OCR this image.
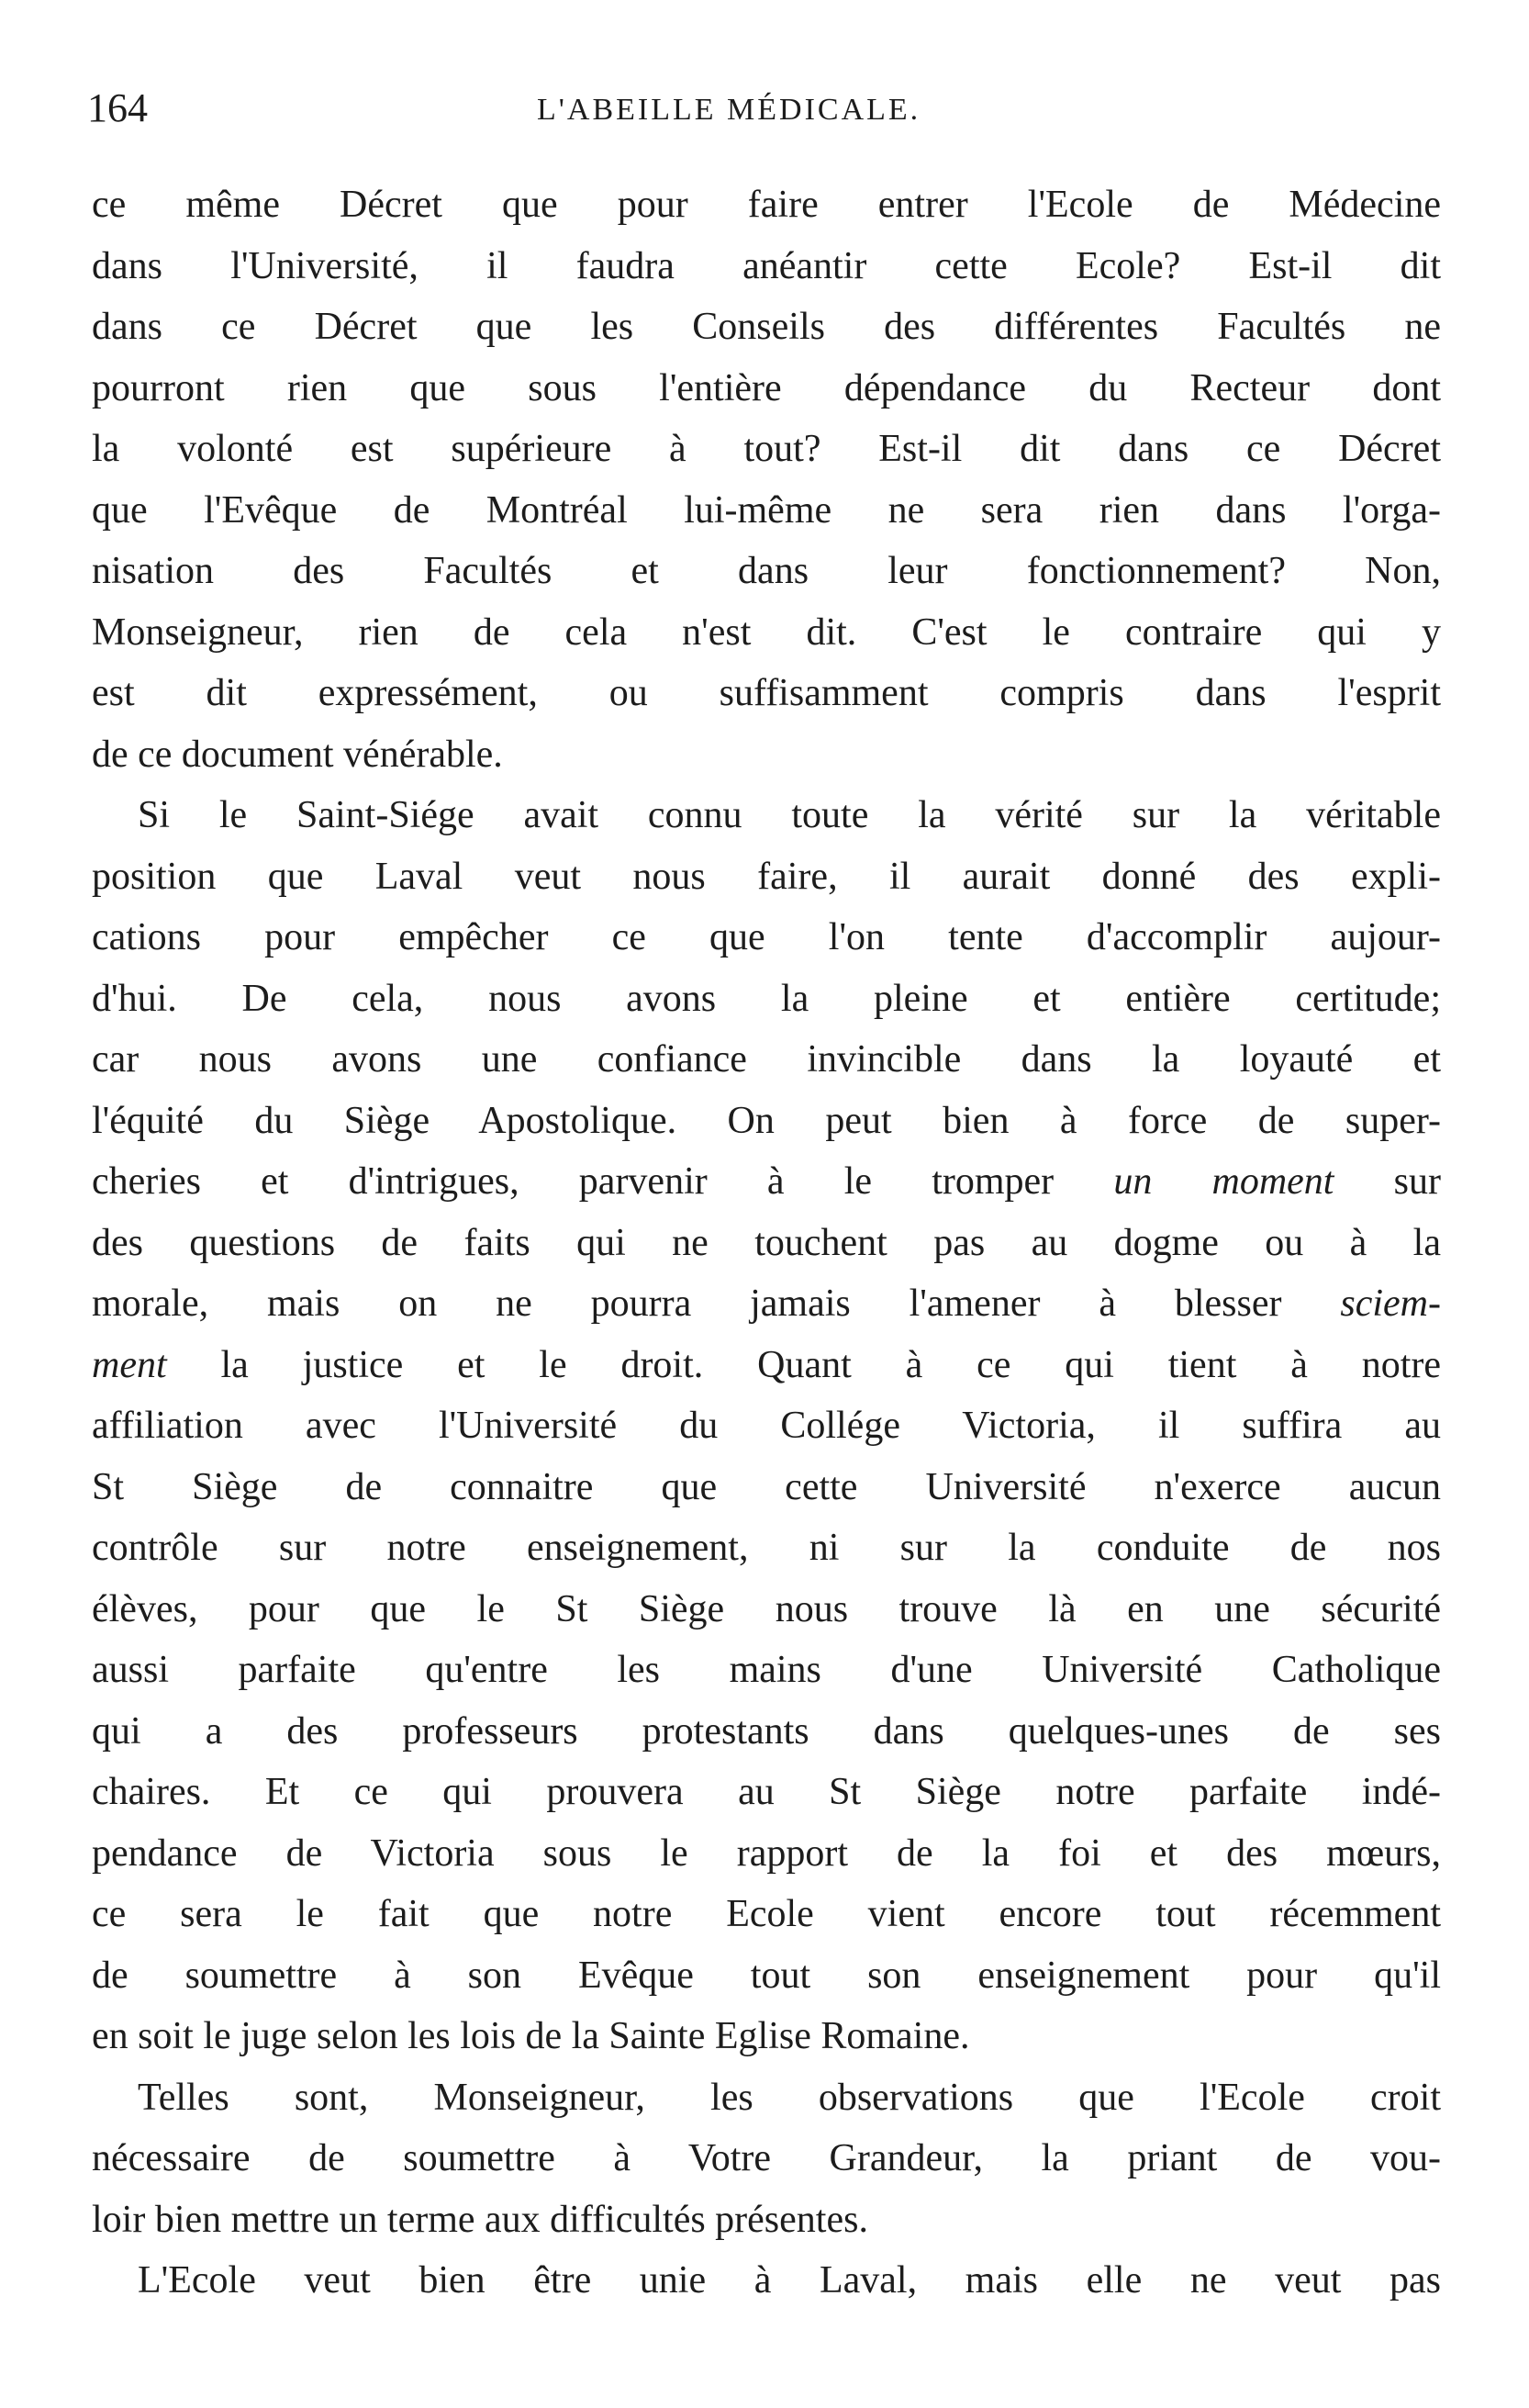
164	L'ABEILLE MÉDICALE.
ce même Décret que pour faire entrer l'Ecole de Médecine
dans l'Université, il faudra anéantir cette Ecole? Est-il dit
dans ce Décret que les Conseils des différentes Facultés ne
pourront rien que sous l'entière dépendance du Recteur dont
la volonté est supérieure à tout? Est-il dit dans ce Décret
que l'Evêque de Montréal lui-même ne sera rien dans l'orga-
nisation des Facultés et dans leur fonctionnement? Non,
Monseigneur, rien de cela n'est dit. C'est le contraire qui y
est dit expressément, ou suffisamment compris dans l'esprit
de ce document vénérable.
Si le Saint-Siége avait connu toute la vérité sur la véritable
position que Laval veut nous faire, il aurait donné des expli-
cations pour empêcher ce que l'on tente d'accomplir aujour-
d'hui. De cela, nous avons la pleine et entière certitude;
car nous avons une confiance invincible dans la loyauté et
l'équité du Siège Apostolique. On peut bien à force de super-
cheries et d'intrigues, parvenir à le tromper un moment sur
des questions de faits qui ne touchent pas au dogme ou à la
morale, mais on ne pourra jamais l'amener à blesser sciem-
ment la justice et le droit. Quant à ce qui tient à notre
affiliation avec l'Université du Collége Victoria, il suffira au
St Siège de connaitre que cette Université n'exerce aucun
contrôle sur notre enseignement, ni sur la conduite de nos
élèves, pour que le St Siège nous trouve là en une sécurité
aussi parfaite qu'entre les mains d'une Université Catholique
qui a des professeurs protestants dans quelques-unes de ses
chaires. Et ce qui prouvera au St Siège notre parfaite indé-
pendance de Victoria sous le rapport de la foi et des mœurs,
ce sera le fait que notre Ecole vient encore tout récemment
de soumettre à son Evêque tout son enseignement pour qu'il
en soit le juge selon les lois de la Sainte Eglise Romaine.
Telles sont, Monseigneur, les observations que l'Ecole croit
nécessaire de soumettre à Votre Grandeur, la priant de vou-
loir bien mettre un terme aux difficultés présentes.
L'Ecole veut bien être unie à Laval, mais elle ne veut pas
